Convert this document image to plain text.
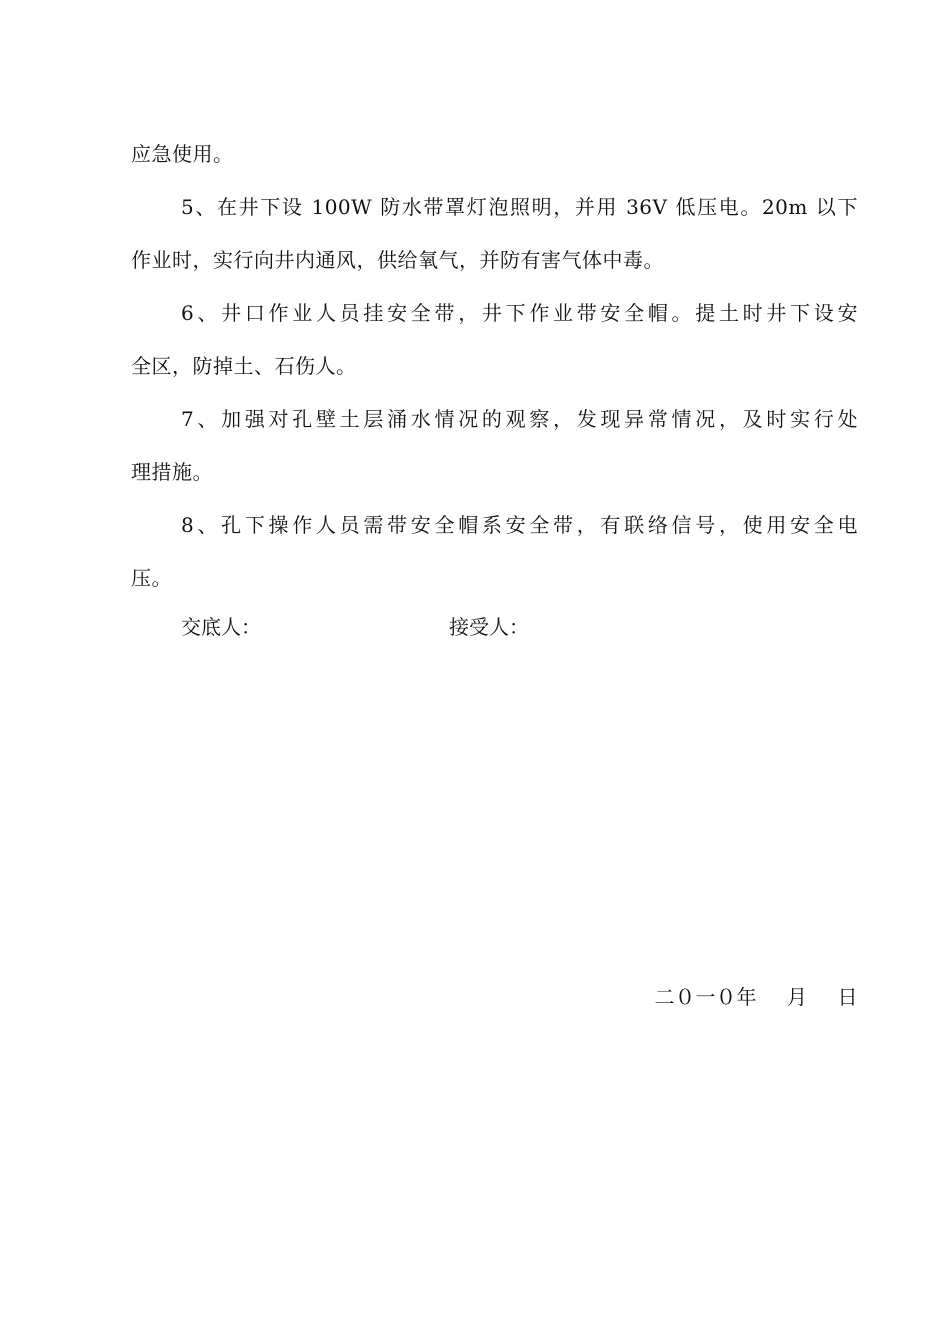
应急使用。
5、在井下设 100W 防水带罩灯泡照明，并用 36V 低压电。20m 以下
作业时，实行向井内通风，供给氧气，并防有害气体中毒。
6、井口作业人员挂安全带，井下作业带安全帽。提土时井下设安
全区，防掉土、石伤人。
7、加强对孔壁土层涌水情况的观察，发现异常情况，及时实行处
理措施。
8、孔下操作人员需带安全帽系安全带，有联络信号，使用安全电
压。
交底人：	接受人：
二０一０年 月 日
